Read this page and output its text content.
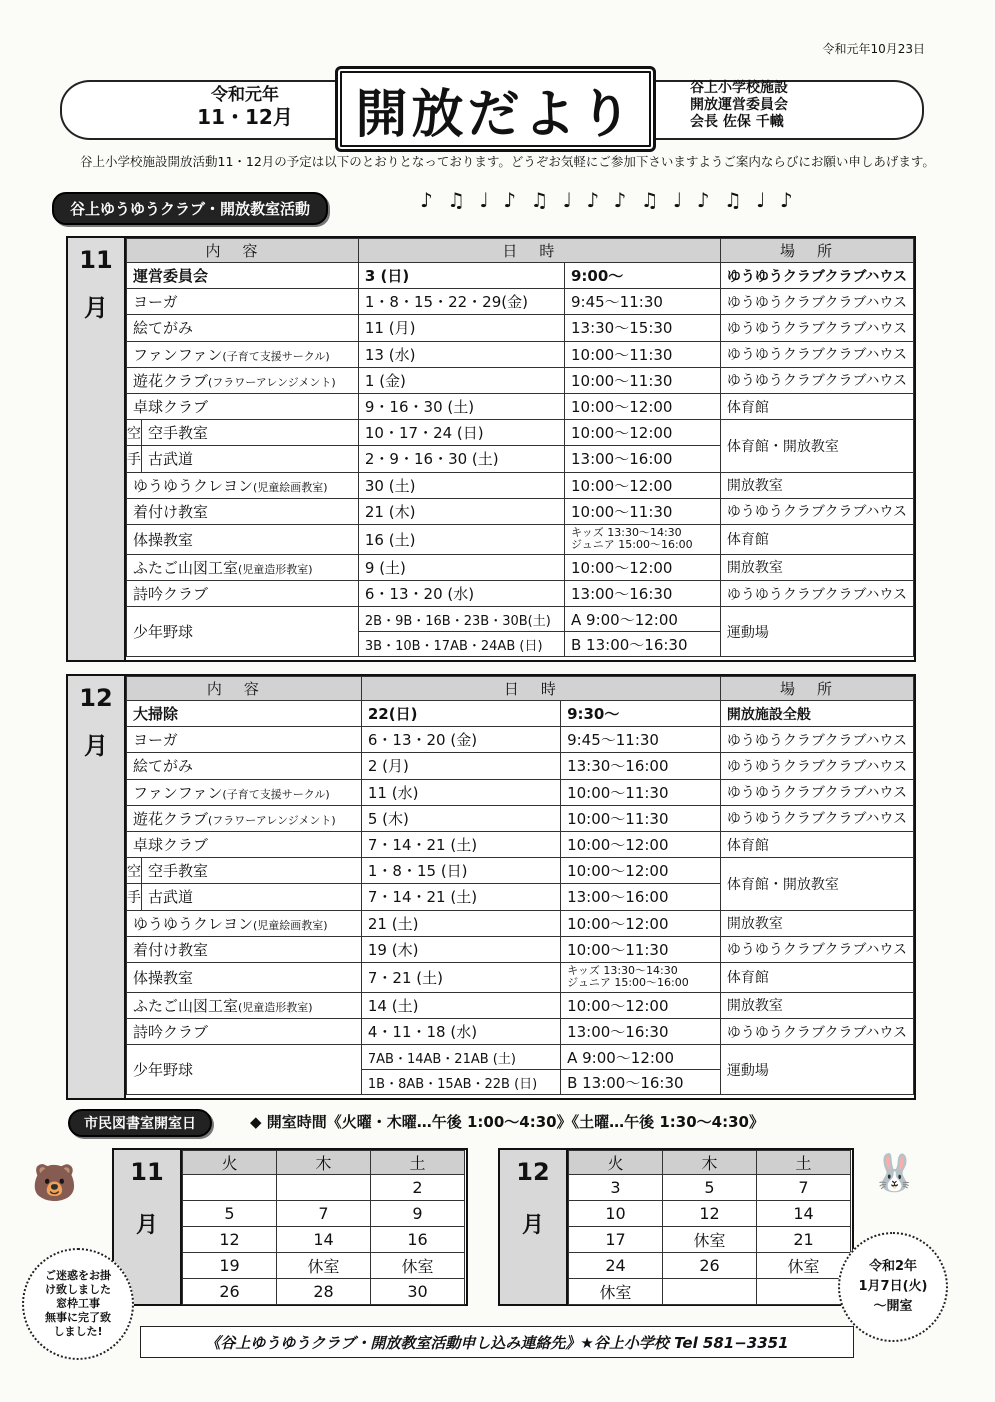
令和元年10月23日
令和元年
11・12月 開放だより	谷上小学校施設
開放運営委員会
会長 佐保 千幟
谷上小学校施設開放活動11・12月の予定は以下のとおりとなっております。どうぞお気軽にご参加下さいますようご案内ならびにお願い申しあげます。
谷上ゆうゆうクラブ・開放教室活動	♪ ♫ ♩ ♪ ♫ ♩ ♪ ♪ ♫ ♩ ♪ ♫ ♩ ♪
11
月
内容		日時		場所
運営委員会		3 (日)	9:00〜	ゆうゆうクラブクラブハウス
ヨーガ		1・8・15・22・29(金)	9:45〜11:30	ゆうゆうクラブクラブハウス
絵てがみ		11 (月)	13:30〜15:30	ゆうゆうクラブクラブハウス
ファンファン(子育て支援サークル)		13 (水)	10:00〜11:30	ゆうゆうクラブクラブハウス
遊花クラブ(フラワーアレンジメント)		1 (金)	10:00〜11:30	ゆうゆうクラブクラブハウス
卓球クラブ		9・16・30 (土)	10:00〜12:00	体育館
空	空手教室	10・17・24 (日)	10:00〜12:00	体育館・開放教室
手	古武道	2・9・16・30 (土)	13:00〜16:00	
ゆうゆうクレヨン(児童絵画教室)		30 (土)	10:00〜12:00	開放教室
着付け教室		21 (木)	10:00〜11:30	ゆうゆうクラブクラブハウス
体操教室		16 (土)	キッズ 13:30〜14:30
ジュニア 15:00〜16:00	体育館
ふたご山図工室(児童造形教室)		9 (土)	10:00〜12:00	開放教室
詩吟クラブ		6・13・20 (水)	13:00〜16:30	ゆうゆうクラブクラブハウス
少年野球		2B・9B・16B・23B・30B(土)	A 9:00〜12:00	運動場
		3B・10B・17AB・24AB (日)	B 13:00〜16:30	
12
月
内容		日時		場所
大掃除		22(日)	9:30〜	開放施設全般
ヨーガ		6・13・20 (金)	9:45〜11:30	ゆうゆうクラブクラブハウス
絵てがみ		2 (月)	13:30〜16:00	ゆうゆうクラブクラブハウス
ファンファン(子育て支援サークル)		11 (水)	10:00〜11:30	ゆうゆうクラブクラブハウス
遊花クラブ(フラワーアレンジメント)		5 (木)	10:00〜11:30	ゆうゆうクラブクラブハウス
卓球クラブ		7・14・21 (土)	10:00〜12:00	体育館
空	空手教室	1・8・15 (日)	10:00〜12:00	体育館・開放教室
手	古武道	7・14・21 (土)	13:00〜16:00	
ゆうゆうクレヨン(児童絵画教室)		21 (土)	10:00〜12:00	開放教室
着付け教室		19 (木)	10:00〜11:30	ゆうゆうクラブクラブハウス
体操教室		7・21 (土)	キッズ 13:30〜14:30
ジュニア 15:00〜16:00	体育館
ふたご山図工室(児童造形教室)		14 (土)	10:00〜12:00	開放教室
詩吟クラブ		4・11・18 (水)	13:00〜16:30	ゆうゆうクラブクラブハウス
少年野球		7AB・14AB・21AB (土)	A 9:00〜12:00	運動場
		1B・8AB・15AB・22B (日)	B 13:00〜16:30	
市民図書室開室日	◆ 開室時間《火曜・木曜…午後 1:00〜4:30》《土曜…午後 1:30〜4:30》
🐻	🐰
11
月
火	木	土
		2
5	7	9
12	14	16
19	休室	休室
26	28	30
12
月
火	木	土
3	5	7
10	12	14
17	休室	21
24	26	休室
休室		
ご迷惑をお掛
け致しました
窓枠工事
無事に完了致
しました!
令和2年
1月7日(火)
〜開室
《谷上ゆうゆうクラブ・開放教室活動申し込み連絡先》★谷上小学校 Tel 581−3351
